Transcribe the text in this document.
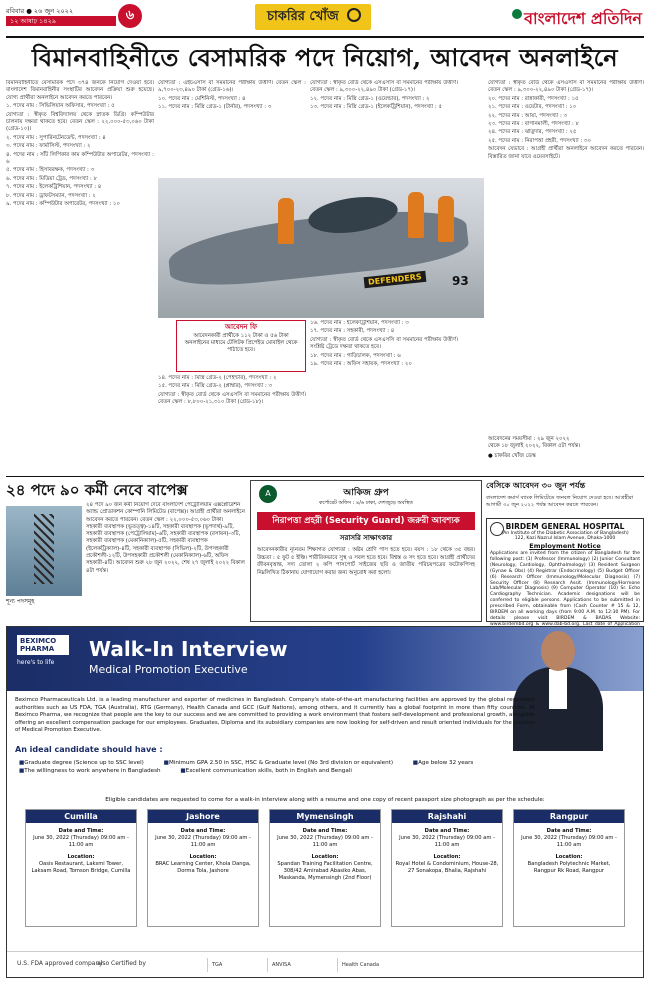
রবিবার ● ২৬ জুন ২০২২
১২ আষাঢ় ১৪২৯	৬	চাকরির খোঁজ	বাংলাদেশ প্রতিদিন
বিমানবাহিনীতে বেসামরিক পদে নিয়োগ, আবেদন অনলাইনে

বিমানবাহিনীতে বেসামরিক পদে ৩৭৪ জনকে নিয়োগ দেওয়া হবে। বাংলাদেশ বিমানবাহিনীর সংস্থাটির আবেদন প্রক্রিয়া শুরু হয়েছে। যোগ্য প্রার্থীরা অনলাইনে আবেদন করতে পারবেন।

১. পদের নাম : সিভিলিয়ান অফিসার, পদসংখ্যা : ৫

যোগ্যতা : স্বীকৃত বিশ্ববিদ্যালয় থেকে স্নাতক ডিগ্রি। কম্পিউটার চালনায় দক্ষতা থাকতে হবে। বেতন স্কেল : ২২,০০০-৫৩,০৬০ টাকা (গ্রেড-১০)।

২. পদের নাম : সুপারিনটেনডেন্ট, পদসংখ্যা : ৪

৩. পদের নাম : ফার্মাসিস্ট, পদসংখ্যা : ২

৪. পদের নাম : সাঁট লিপিকার কাম কম্পিউটার অপারেটর, পদসংখ্যা : ৬

৫. পদের নাম : হিসাবরক্ষক, পদসংখ্যা : ৩

৬. পদের নাম : মিডিয়া ট্রেড, পদসংখ্যা : ৮

৭. পদের নাম : ইলেকট্রিশিয়ান, পদসংখ্যা : ৪

৮. পদের নাম : ড্রাফটসম্যান, পদসংখ্যা : ২

৯. পদের নাম : কম্পিউটার অপারেটর, পদসংখ্যা : ১০

যোগ্যতা : এইচএসসি বা সমমানের পরীক্ষায় উত্তীর্ণ। বেতন স্কেল : ৯,৭০০-২৩,৪৯০ টাকা (গ্রেড-১৬)।

১০. পদের নাম : মেশিনিস্ট, পদসংখ্যা : ৪

১১. পদের নাম : মিস্ত্রি গ্রেড-১ (টার্নার), পদসংখ্যা : ৩

যোগ্যতা : স্বীকৃত বোর্ড থেকে এসএসসি বা সমমানের পরীক্ষায় উত্তীর্ণ। বেতন স্কেল : ৯,৩০০-২২,৪৯০ টাকা (গ্রেড-১৭)।

১২. পদের নাম : মিস্ত্রি গ্রেড-১ (ওয়েল্ডার), পদসংখ্যা : ২

১৩. পদের নাম : মিস্ত্রি গ্রেড-১ (ইলেকট্রিশিয়ান), পদসংখ্যা : ৫

DEFENDERS	93
আবেদন ফি
আবেদনকারী প্রার্থীকে ১১২ টাকা ও ৫৬ টাকা অনলাইনের মাধ্যমে টেলিটক প্রিপেইড মোবাইল থেকে পাঠাতে হবে।

১৪. পদের নাম : মিস্ত্রি গ্রেড-২ (পেইন্টার), পদসংখ্যা : ২

১৫. পদের নাম : মিস্ত্রি গ্রেড-২ (প্লাম্বার), পদসংখ্যা : ৩

যোগ্যতা : স্বীকৃত বোর্ড থেকে এসএসসি বা সমমানের পরীক্ষায় উত্তীর্ণ। বেতন স্কেল : ৮,৮০০-২১,৩১০ টাকা (গ্রেড-১৮)।

১৬. পদের নাম : ইলেকট্রিশিয়ান, পদসংখ্যা : ৩

১৭. পদের নাম : সহকারী, পদসংখ্যা : ৪

যোগ্যতা : স্বীকৃত বোর্ড থেকে এসএসসি বা সমমানের পরীক্ষায় উত্তীর্ণ। সংশ্লিষ্ট ট্রেডে দক্ষতা থাকতে হবে।

১৮. পদের নাম : গাড়িচালক, পদসংখ্যা : ৬

১৯. পদের নাম : অফিস সহায়ক, পদসংখ্যা : ২০

যোগ্যতা : স্বীকৃত বোর্ড থেকে এসএসসি বা সমমানের পরীক্ষায় উত্তীর্ণ। বেতন স্কেল : ৯,৩০০-২২,৪৯০ টাকা (গ্রেড-১৭)।

২০. পদের নাম : রান্নাকারী, পদসংখ্যা : ১৫

২১. পদের নাম : ওয়েটার, পদসংখ্যা : ১০

২২. পদের নাম : আয়া, পদসংখ্যা : ৩

২৩. পদের নাম : বাগানমালী, পদসংখ্যা : ৮

২৪. পদের নাম : ঝাড়ুদার, পদসংখ্যা : ২৫

২৫. পদের নাম : নিরাপত্তা প্রহরী, পদসংখ্যা : ৩০

আবেদন যেভাবে : আগ্রহী প্রার্থীরা অনলাইনে আবেদন করতে পারবেন। বিস্তারিত জানা যাবে ওয়েবসাইটে।

আবেদনের সময়সীমা : ২৯ জুন ২০২২
থেকে ১৮ জুলাই ২০২২, বিকাল ৫টা পর্যন্ত।
● চাকরির খোঁজ ডেস্ক
২৪ পদে ৯০ কর্মী নেবে বাপেক্স
শূন্য পদসমূহ

২৪ পদে ৯০ জন কর্মী নিয়োগ দেবে বাংলাদেশ পেট্রোলিয়াম এক্সপ্লোরেশন অ্যান্ড প্রোডাকশন কোম্পানি লিমিটেড (বাপেক্স)। আগ্রহী প্রার্থীরা অনলাইনে আবেদন করতে পারবেন। বেতন স্কেল : ২২,০০০-৫৩,০৬০ টাকা।

সহকারী ব্যবস্থাপক (ভূতত্ত্ব)-১৪টি, সহকারী ব্যবস্থাপক (ভূপদার্থ)-৯টি, সহকারী ব্যবস্থাপক (পেট্রোলিয়াম)-৬টি, সহকারী ব্যবস্থাপক (রসায়ন)-৩টি, সহকারী ব্যবস্থাপক (মেকানিক্যাল)-৫টি, সহকারী ব্যবস্থাপক (ইলেকট্রিক্যাল)-৪টি, সহকারী ব্যবস্থাপক (সিভিল)-২টি, উপসহকারী প্রকৌশলী-১২টি, উপসহকারী প্রকৌশলী (মেকানিক্যাল)-৬টি, অফিস সহকারী-৪টি। আবেদন শুরু ২৮ জুন ২০২২, শেষ ২৭ জুলাই ২০২২ বিকাল ৪টা পর্যন্ত।

A	আকিজ গ্রুপ
কর্পোরেট অফিস : ৪/৬ ঢাকা, দেশজুড়ে অবস্থিত
নিরাপত্তা প্রহরী (Security Guard) জরুরী আবশ্যক
সরাসরি সাক্ষাৎকার
আবেদনকারীর ন্যূনতম শিক্ষাগত যোগ্যতা : অষ্টম শ্রেণি পাস হতে হবে। বয়স : ১৮ থেকে ৩৫ বছর। উচ্চতা : ৫ ফুট ৫ ইঞ্চি। শারীরিকভাবে সুস্থ ও সবল হতে হবে। বিশ্বস্ত ও সৎ হতে হবে। আগ্রহী প্রার্থীদের জীবনবৃত্তান্ত, সদ্য তোলা ২ কপি পাসপোর্ট সাইজের ছবি ও জাতীয় পরিচয়পত্রের ফটোকপিসহ নিম্নলিখিত ঠিকানায় যোগাযোগ করার জন্য অনুরোধ করা হলো।
বেসিকে আবেদন ৩০ জুন পর্যন্ত
বাংলাদেশ কমার্স ব্যাংক লিমিটেডে জনবল নিয়োগ দেওয়া হবে। আগ্রহীরা আগামী ৩০ জুন ২০২২ পর্যন্ত আবেদন করতে পারবেন।
BIRDEM GENERAL HOSPITAL
(An Institute of the Diabetic Association of Bangladesh)
122, Kazi Nazrul Islam Avenue, Dhaka-1000
Employment Notice
Applications are invited from the citizen of Bangladesh for the following post: (1) Professor (Immunology) (2) Junior Consultant (Neurology, Cardiology, Ophthalmology) (3) Resident Surgeon (Gynae & Obs) (4) Registrar (Endocrinology) (5) Budget Officer (6) Research Officer (Immunology/Molecular Diagnosis) (7) Security Officer (8) Research Assit. (Immunology/Hormone Lab/Molecular Diagnosis) (9) Computer Operator (10) Sr. Echo Cardiography Technician. Academic designations will be conferred to eligible persons. Applications to be submitted in prescribed Form, obtainable from (Cash Counter # 15 & 12, BIRDEM on all working days (from 9:00 A.M. to 12:30 PM). For details please visit BIRDEM & BADAS Website: www.birdembd.org & www.dab-bd.org. Last date of Application
BEXIMCO PHARMA
here's to life
Walk-In Interview
Medical Promotion Executive
Beximco Pharmaceuticals Ltd. is a leading manufacturer and exporter of medicines in Bangladesh. Company's state-of-the-art manufacturing facilities are approved by the global regulatory authorities such as US FDA, TGA (Australia), RTG (Germany), Health Canada and GCC (Gulf Nations), among others, and it currently has a global footprint in more than fifty countries. At Beximco Pharma, we recognize that people are the key to our success and we are committed to providing a work environment that fosters self-development and professional growth, alongside offering an excellent compensation package for our employees. Graduates, Diploma and its subsidiary companies are now looking for self-driven and result oriented individuals for the position of Medical Promotion Executive.
An ideal candidate should have :
■ Graduate degree (Science up to SSC level)	■ Minimum GPA 2.50 in SSC, HSC & Graduate level (No 3rd division or equivalent)	■ Age below 32 years
■ The willingness to work anywhere in Bangladesh	■ Excellent communication skills, both in English and Bengali
Eligible candidates are requested to come for a walk-in interview along with a resume and one copy of recent passport size photograph as per the schedule:
Cumilla
Date and Time:
June 30, 2022 (Thursday) 09:00 am - 11:00 am
Location:
Oasis Restaurant, Laksmi Tower, Laksam Road, Tomson Bridge, Cumilla
Jashore
Date and Time:
June 30, 2022 (Thursday) 09:00 am - 11:00 am
Location:
BRAC Learning Center, Khola Danga, Dorma Tola, Jashore
Mymensingh
Date and Time:
June 30, 2022 (Thursday) 09:00 am - 11:00 am
Location:
Spandan Training Facilitation Centre, 308/42 Amirabad Abasiko Abas, Maskanda, Mymensingh (2nd Floor)
Rajshahi
Date and Time:
June 30, 2022 (Thursday) 09:00 am - 11:00 am
Location:
Royal Hotel & Condominium, House-28, 27 Sonakopa, Bhalia, Rajshahi
Rangpur
Date and Time:
June 30, 2022 (Thursday) 09:00 am - 11:00 am
Location:
Bangladesh Polytechnic Market, Rangpur Rk Road, Rangpur
U.S. FDA approved company
also Certified by	TGA	ANVISA	Health Canada
